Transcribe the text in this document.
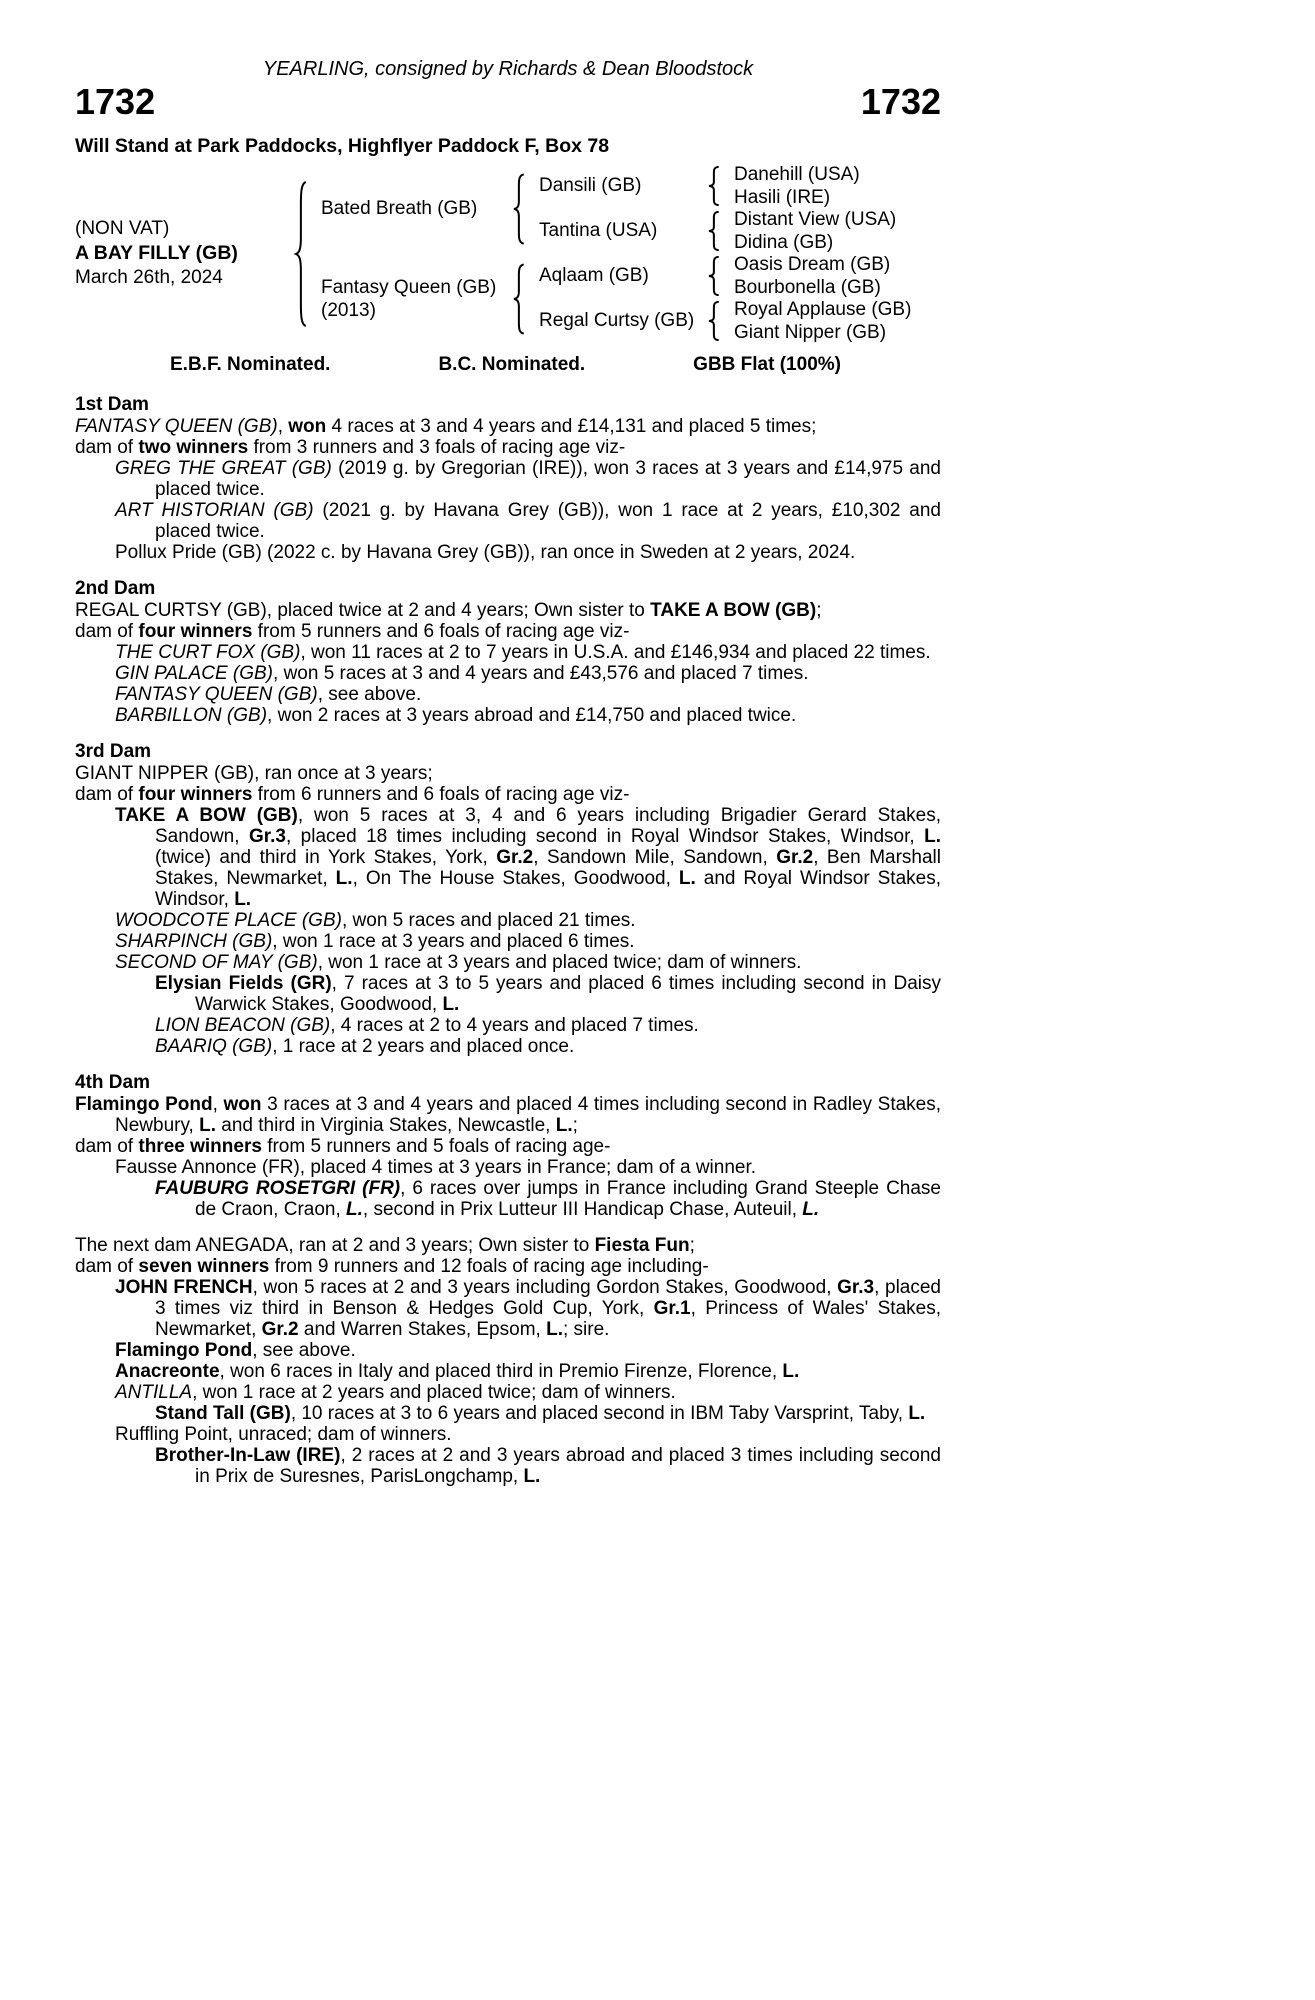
YEARLING, consigned by Richards & Dean Bloodstock
1732	1732
Will Stand at Park Paddocks, Highflyer Paddock F, Box 78
(NON VAT)
A BAY FILLY (GB)
March 26th, 2024
Bated Breath (GB)
Fantasy Queen (GB)
(2013)
Dansili (GB)
Tantina (USA)
Aqlaam (GB)
Regal Curtsy (GB)
Danehill (USA)
Hasili (IRE)
Distant View (USA)
Didina (GB)
Oasis Dream (GB)
Bourbonella (GB)
Royal Applause (GB)
Giant Nipper (GB)
E.B.F. Nominated.	B.C. Nominated.	GBB Flat (100%)
1st Dam
FANTASY QUEEN (GB), won 4 races at 3 and 4 years and £14,131 and placed 5 times;
dam of two winners from 3 runners and 3 foals of racing age viz-
GREG THE GREAT (GB) (2019 g. by Gregorian (IRE)), won 3 races at 3 years and £14,975 and placed twice.
ART HISTORIAN (GB) (2021 g. by Havana Grey (GB)), won 1 race at 2 years, £10,302 and placed twice.
Pollux Pride (GB) (2022 c. by Havana Grey (GB)), ran once in Sweden at 2 years, 2024.
2nd Dam
REGAL CURTSY (GB), placed twice at 2 and 4 years; Own sister to TAKE A BOW (GB);
dam of four winners from 5 runners and 6 foals of racing age viz-
THE CURT FOX (GB), won 11 races at 2 to 7 years in U.S.A. and £146,934 and placed 22 times.
GIN PALACE (GB), won 5 races at 3 and 4 years and £43,576 and placed 7 times.
FANTASY QUEEN (GB), see above.
BARBILLON (GB), won 2 races at 3 years abroad and £14,750 and placed twice.
3rd Dam
GIANT NIPPER (GB), ran once at 3 years;
dam of four winners from 6 runners and 6 foals of racing age viz-
TAKE A BOW (GB), won 5 races at 3, 4 and 6 years including Brigadier Gerard Stakes, Sandown, Gr.3, placed 18 times including second in Royal Windsor Stakes, Windsor, L. (twice) and third in York Stakes, York, Gr.2, Sandown Mile, Sandown, Gr.2, Ben Marshall Stakes, Newmarket, L., On The House Stakes, Goodwood, L. and Royal Windsor Stakes, Windsor, L.
WOODCOTE PLACE (GB), won 5 races and placed 21 times.
SHARPINCH (GB), won 1 race at 3 years and placed 6 times.
SECOND OF MAY (GB), won 1 race at 3 years and placed twice; dam of winners.
Elysian Fields (GR), 7 races at 3 to 5 years and placed 6 times including second in Daisy Warwick Stakes, Goodwood, L.
LION BEACON (GB), 4 races at 2 to 4 years and placed 7 times.
BAARIQ (GB), 1 race at 2 years and placed once.
4th Dam
Flamingo Pond, won 3 races at 3 and 4 years and placed 4 times including second in Radley Stakes, Newbury, L. and third in Virginia Stakes, Newcastle, L.;
dam of three winners from 5 runners and 5 foals of racing age-
Fausse Annonce (FR), placed 4 times at 3 years in France; dam of a winner.
FAUBURG ROSETGRI (FR), 6 races over jumps in France including Grand Steeple Chase de Craon, Craon, L., second in Prix Lutteur III Handicap Chase, Auteuil, L.
The next dam ANEGADA, ran at 2 and 3 years; Own sister to Fiesta Fun;
dam of seven winners from 9 runners and 12 foals of racing age including-
JOHN FRENCH, won 5 races at 2 and 3 years including Gordon Stakes, Goodwood, Gr.3, placed 3 times viz third in Benson & Hedges Gold Cup, York, Gr.1, Princess of Wales' Stakes, Newmarket, Gr.2 and Warren Stakes, Epsom, L.; sire.
Flamingo Pond, see above.
Anacreonte, won 6 races in Italy and placed third in Premio Firenze, Florence, L.
ANTILLA, won 1 race at 2 years and placed twice; dam of winners.
Stand Tall (GB), 10 races at 3 to 6 years and placed second in IBM Taby Varsprint, Taby, L.
Ruffling Point, unraced; dam of winners.
Brother-In-Law (IRE), 2 races at 2 and 3 years abroad and placed 3 times including second in Prix de Suresnes, ParisLongchamp, L.
